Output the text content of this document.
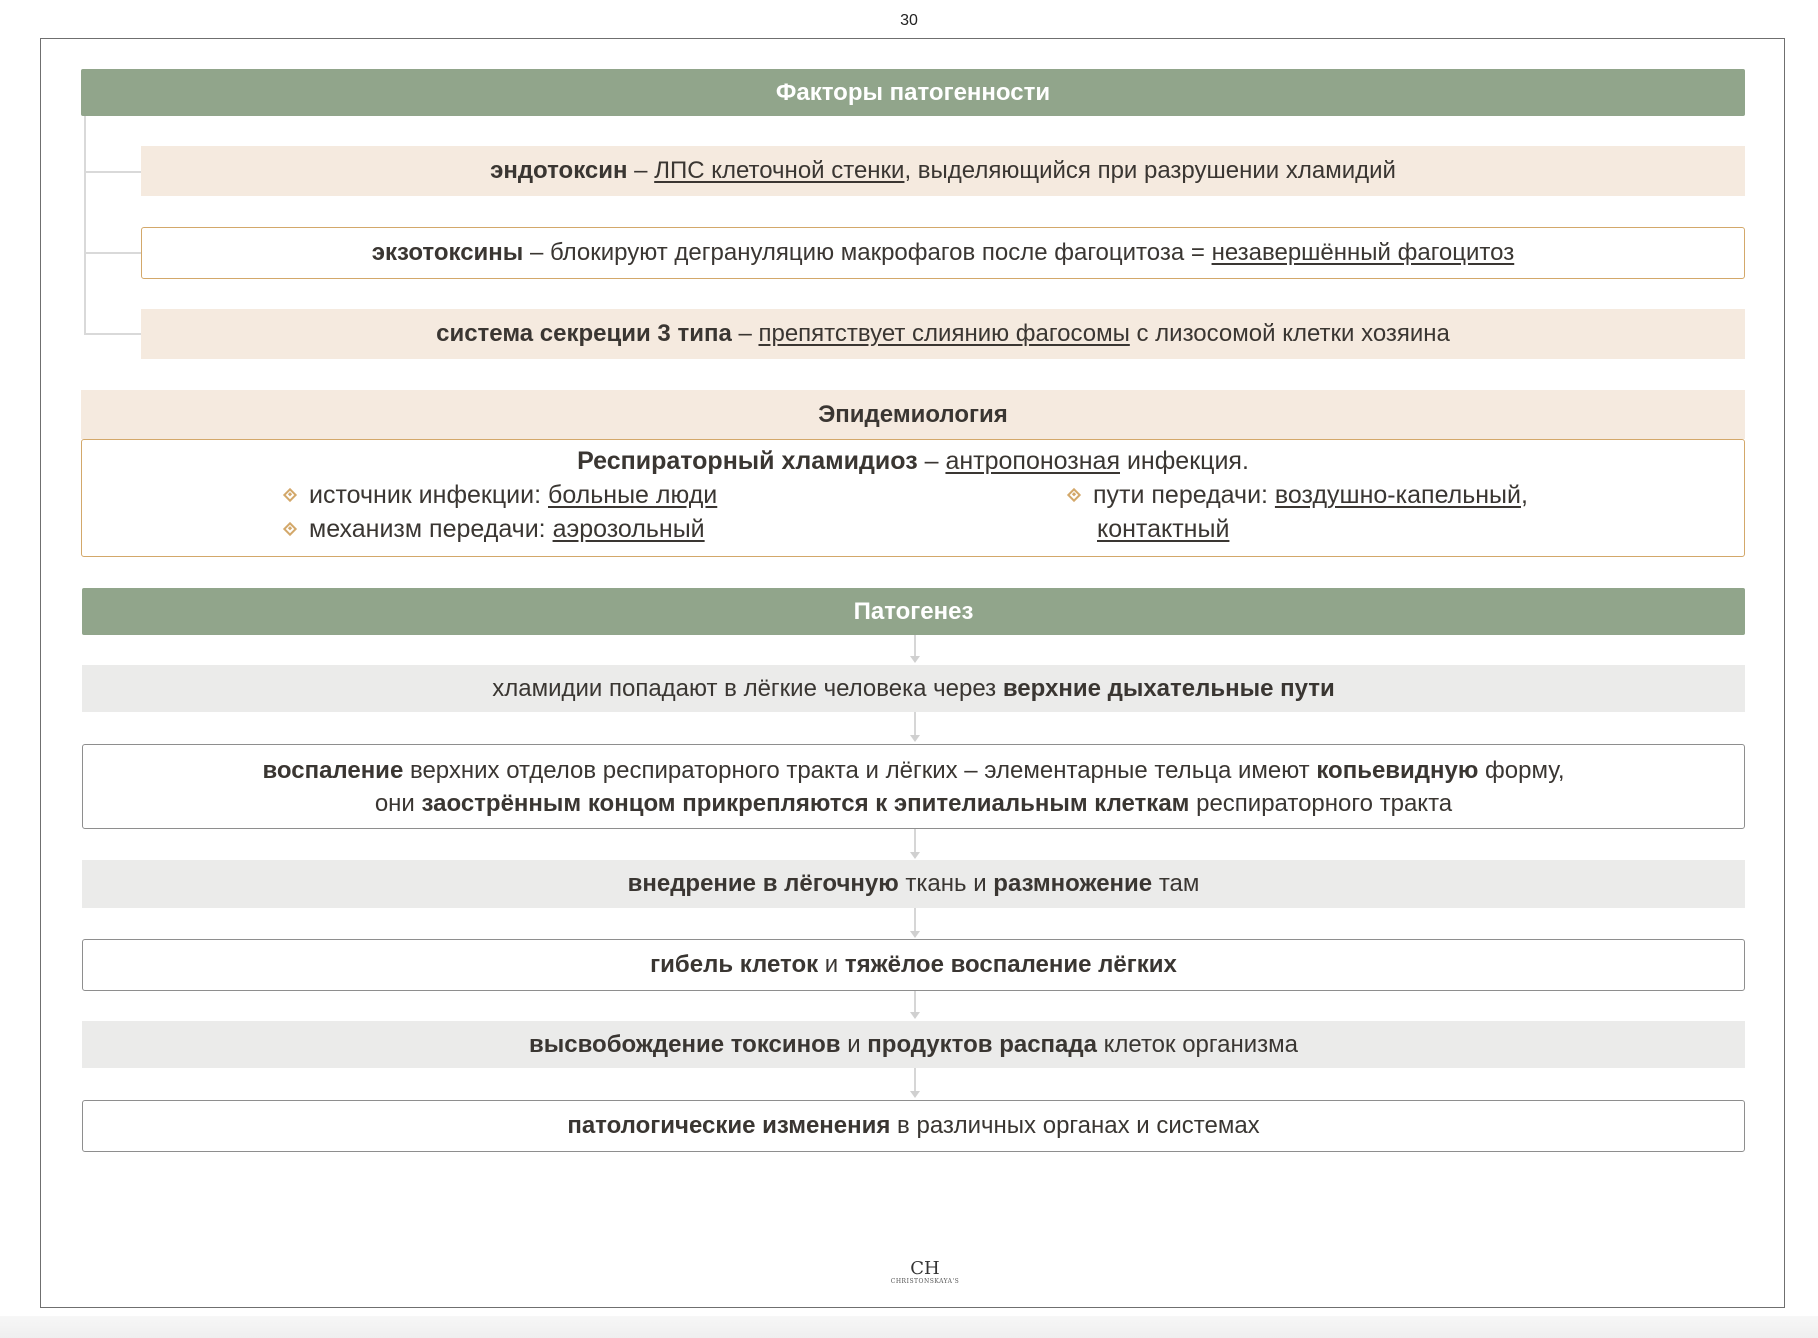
30
Факторы патогенности
эндотоксин – ЛПС клеточной стенки, выделяющийся при разрушении хламидий
экзотоксины – блокируют дегрануляцию макрофагов после фагоцитоза = незавершённый фагоцитоз
система секреции 3 типа – препятствует слиянию фагосомы с лизосомой клетки хозяина
Эпидемиология
Респираторный хламидиоз – антропонозная инфекция.
источник инфекции: больные люди
механизм передачи: аэрозольный
пути передачи: воздушно-капельный,
контактный
Патогенез
хламидии попадают в лёгкие человека через верхние дыхательные пути
воспаление верхних отделов респираторного тракта и лёгких – элементарные тельца имеют копьевидную форму,
они заострённым концом прикрепляются к эпителиальным клеткам респираторного тракта
внедрение в лёгочную ткань и размножение там
гибель клеток и тяжёлое воспаление лёгких
высвобождение токсинов и продуктов распада клеток организма
патологические изменения в различных органах и системах
CH
CHRISTONSKAYA'S
